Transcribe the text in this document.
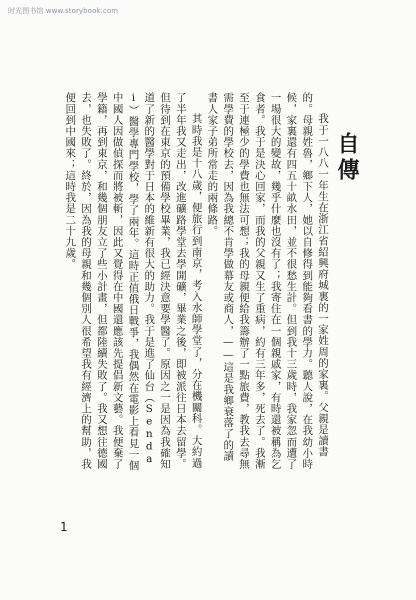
时光图书馆 www.storybook.com
自傳

我于一八八一年生在浙江省紹興府城裏的一家姓周的家裏。父親是讀書的。母親姓魯，鄉下人，她以自修得到能夠看書的學力。聽人說，在我幼小時候，家裏還有四五十畝水田，並不很愁生計。但到我十三歲時，我家忽而遭了一場很大的變故，幾乎什麼也沒有了；我寄住在一個親戚家，有時還被稱為乞食者。我于是決心回家，而我的父親又生了重病，約有三年多，死去了。我漸至于連極少的學費也無法可想；我的母親便給我籌辦了一點旅費，教我去尋無需學費的學校去，因為我總不肯學做幕友或商人，——這是我鄉衰落了的讀書人家子弟所常走的兩條路。

其時我是十八歲，便旅行到南京，考入水師學堂了，分在機關科。大約過了半年我又走出，改進礦路學堂去學開礦，畢業之後，即被派往日本去留學。但待到在東京的預備學校畢業，我已經決意要學醫了。原因之一是因為我確知道了新的醫學對于日本的維新有很大的助力。我于是進了仙台（Sendai）醫學專門學校，學了兩年。這時正值俄日戰爭，我偶然在電影上看見一個中國人因做偵探而將被斬，因此又覺得在中國還應該先提倡新文藝。我便棄了學籍，再到東京，和幾個朋友立了些小計畫，但都陸續失敗了。我又想往德國去，也失敗了。終於，因為我的母親和幾個別人很希望我有經濟上的幫助，我便回到中國來；這時我是二十九歲。

1
